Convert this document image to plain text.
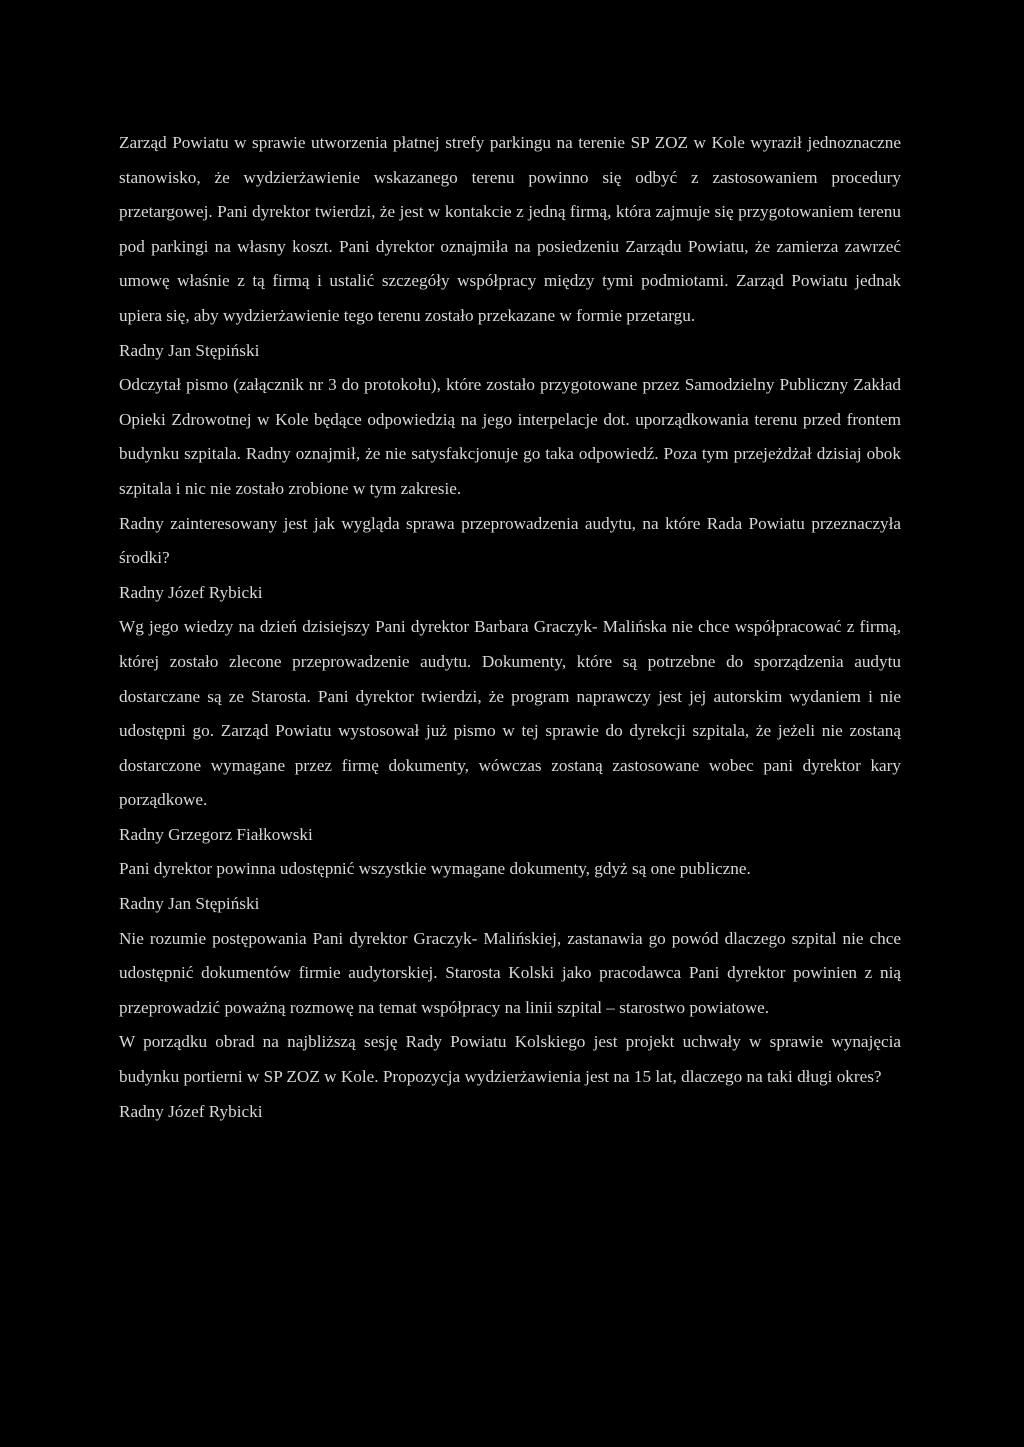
Zarząd Powiatu w sprawie utworzenia płatnej strefy parkingu na terenie SP ZOZ w Kole wyraził jednoznaczne stanowisko, że wydzierżawienie wskazanego terenu powinno się odbyć z zastosowaniem procedury przetargowej. Pani dyrektor twierdzi, że jest w kontakcie z jedną firmą, która zajmuje się przygotowaniem terenu pod parkingi na własny koszt. Pani dyrektor oznajmiła na posiedzeniu Zarządu Powiatu, że zamierza zawrzeć umowę właśnie z tą firmą i ustalić szczegóły współpracy między tymi podmiotami. Zarząd Powiatu jednak upiera się, aby wydzierżawienie tego terenu zostało przekazane w formie przetargu.

Radny Jan Stępiński

Odczytał pismo (załącznik nr 3 do protokołu), które zostało przygotowane przez Samodzielny Publiczny Zakład Opieki Zdrowotnej w Kole będące odpowiedzią na jego interpelacje dot. uporządkowania terenu przed frontem budynku szpitala. Radny oznajmił, że nie satysfakcjonuje go taka odpowiedź. Poza tym przejeżdżał dzisiaj obok szpitala i nic nie zostało zrobione w tym zakresie.

Radny zainteresowany jest jak wygląda sprawa przeprowadzenia audytu, na które Rada Powiatu przeznaczyła środki?

Radny Józef Rybicki

Wg jego wiedzy na dzień dzisiejszy Pani dyrektor Barbara Graczyk- Malińska nie chce współpracować z firmą, której zostało zlecone przeprowadzenie audytu. Dokumenty, które są potrzebne do sporządzenia audytu dostarczane są ze Starosta. Pani dyrektor twierdzi, że program naprawczy jest jej autorskim wydaniem i nie udostępni go. Zarząd Powiatu wystosował już pismo w tej sprawie do dyrekcji szpitala, że jeżeli nie zostaną dostarczone wymagane przez firmę dokumenty, wówczas zostaną zastosowane wobec pani dyrektor kary porządkowe.

Radny Grzegorz Fiałkowski

Pani dyrektor powinna udostępnić wszystkie wymagane dokumenty, gdyż są one publiczne.

Radny Jan Stępiński

Nie rozumie postępowania Pani dyrektor Graczyk- Malińskiej, zastanawia go powód dlaczego szpital nie chce udostępnić dokumentów firmie audytorskiej. Starosta Kolski jako pracodawca Pani dyrektor powinien z nią przeprowadzić poważną rozmowę na temat współpracy na linii szpital – starostwo powiatowe.

W porządku obrad na najbliższą sesję Rady Powiatu Kolskiego jest projekt uchwały w sprawie wynajęcia budynku portierni w SP ZOZ w Kole. Propozycja wydzierżawienia jest na 15 lat, dlaczego na taki długi okres?

Radny Józef Rybicki
